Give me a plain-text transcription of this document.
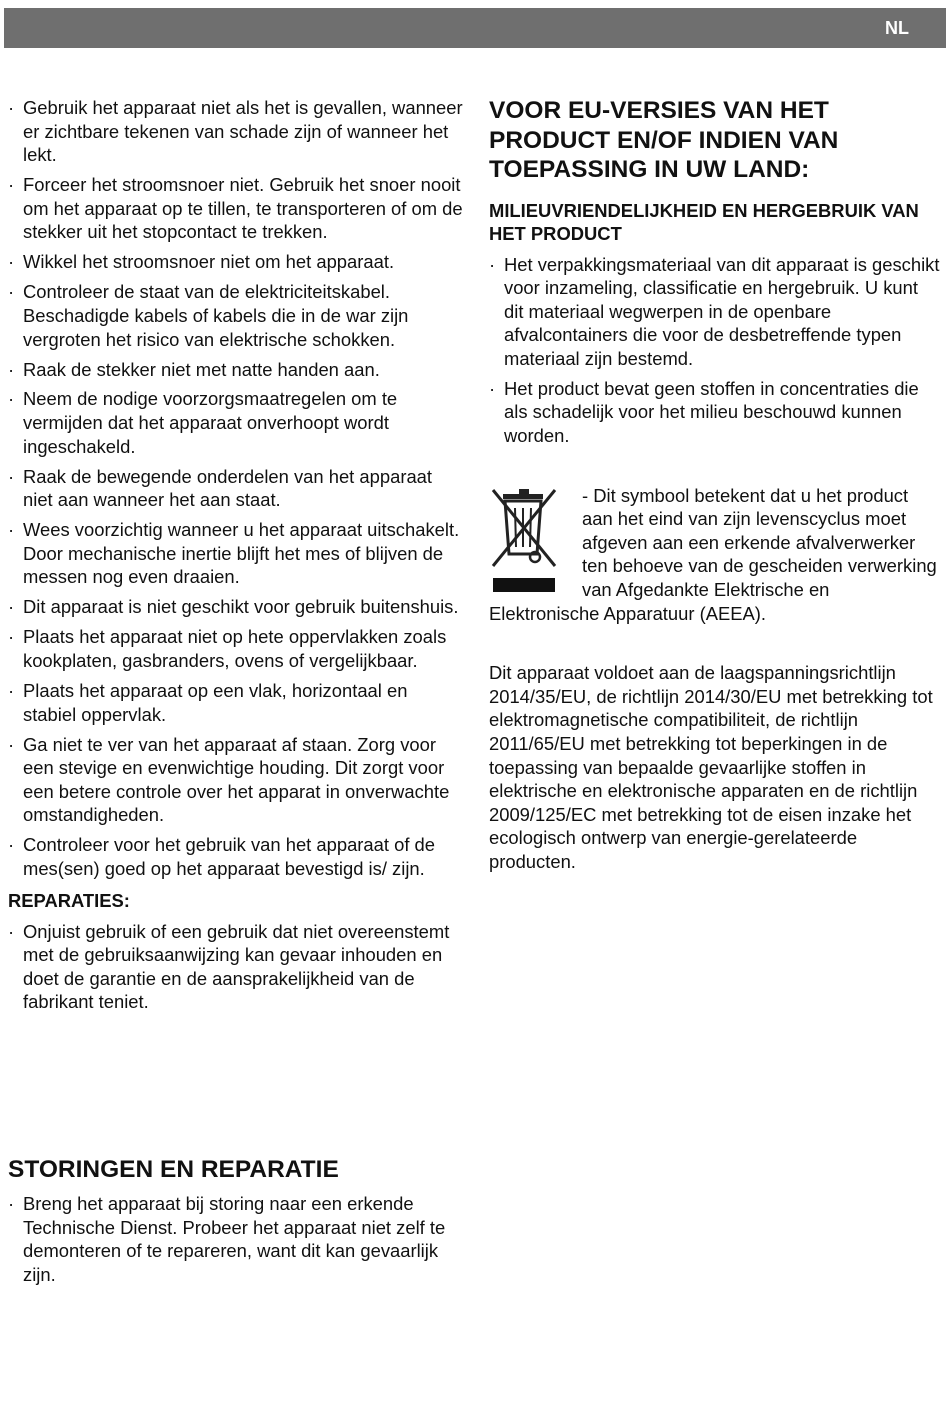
NL
· Gebruik het apparaat niet als het is gevallen, wanneer er zichtbare tekenen van schade zijn of wanneer het lekt.
· Forceer het stroomsnoer niet. Gebruik het snoer nooit om het apparaat op te tillen, te transporteren of om de stekker uit het stopcontact te trekken.
· Wikkel het stroomsnoer niet om het apparaat.
· Controleer de staat van de elektriciteitskabel. Beschadigde kabels of kabels die in de war zijn vergroten het risico van elektrische schokken.
· Raak de stekker niet met natte handen aan.
· Neem de nodige voorzorgsmaatregelen om te vermijden dat het apparaat onverhoopt wordt ingeschakeld.
· Raak de bewegende onderdelen van het apparaat niet aan wanneer het aan staat.
· Wees voorzichtig wanneer u het apparaat uitschakelt. Door mechanische inertie blijft het mes of blijven de messen nog even draaien.
· Dit apparaat is niet geschikt voor gebruik buitenshuis.
· Plaats het apparaat niet op hete oppervlakken zoals kookplaten, gasbranders, ovens of vergelijkbaar.
· Plaats het apparaat op een vlak, horizontaal en stabiel oppervlak.
· Ga niet te ver van het apparaat af staan. Zorg voor een stevige en evenwichtige houding. Dit zorgt voor een betere controle over het apparat in onverwachte omstandigheden.
· Controleer voor het gebruik van het apparaat of de mes(sen) goed op het apparaat bevestigd is/ zijn.
REPARATIES:
· Onjuist gebruik of een gebruik dat niet overeenstemt met de gebruiksaanwijzing kan gevaar inhouden en doet de garantie en de aansprakelijkheid van de fabrikant teniet.
STORINGEN EN REPARATIE
· Breng het apparaat bij storing naar een erkende Technische Dienst. Probeer het apparaat niet zelf te demonteren of te repareren, want dit kan gevaarlijk zijn.
VOOR EU-VERSIES VAN HET PRODUCT EN/OF INDIEN VAN TOEPASSING IN UW LAND:
MILIEUVRIENDELIJKHEID EN HERGEBRUIK VAN HET PRODUCT
· Het verpakkingsmateriaal van dit apparaat is geschikt voor inzameling, classificatie en hergebruik. U kunt dit materiaal wegwerpen in de openbare afvalcontainers die voor de desbetreffende typen materiaal zijn bestemd.
· Het product bevat geen stoffen in concentraties die als schadelijk voor het milieu beschouwd kunnen worden.

- Dit symbool betekent dat u het product aan het eind van zijn levenscyclus moet afgeven aan een erkende afvalverwerker ten behoeve van de gescheiden verwerking van Afgedankte Elektrische en Elektronische Apparatuur (AEEA).

Dit apparaat voldoet aan de laagspanningsrichtlijn 2014/35/EU, de richtlijn 2014/30/EU met betrekking tot elektromagnetische compatibiliteit, de richtlijn 2011/65/EU met betrekking tot beperkingen in de toepassing van bepaalde gevaarlijke stoffen in elektrische en elektronische apparaten en de richtlijn 2009/125/EC met betrekking tot de eisen inzake het ecologisch ontwerp van energie-gerelateerde producten.
